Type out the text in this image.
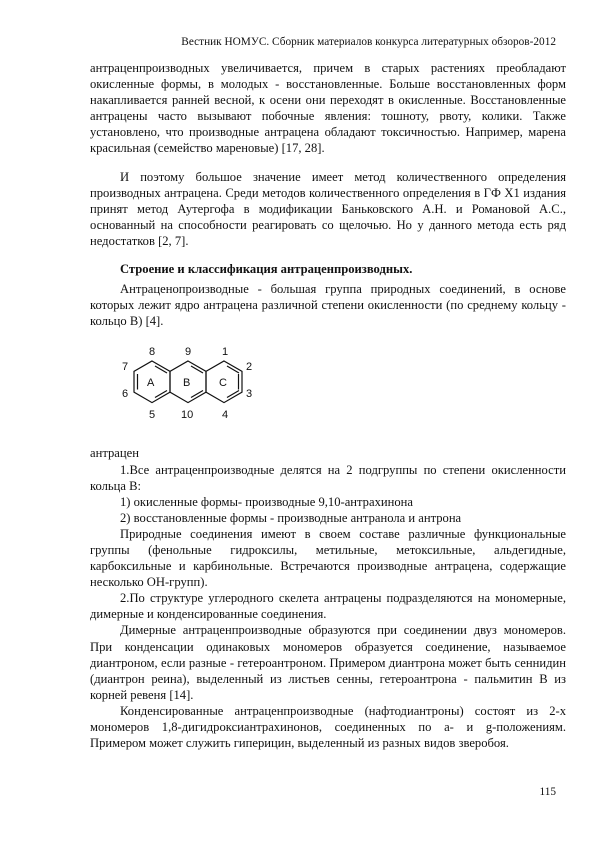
Вестник НОМУС. Сборник материалов конкурса литературных обзоров-2012

антраценпроизводных увеличивается, причем в старых растениях преобладают окисленные формы, в молодых - восстановленные. Больше восстановленных форм накапливается ранней весной, к осени они переходят в окисленные. Восстановленные антрацены часто вызывают побочные явления: тошноту, рвоту, колики. Также установлено, что производные антрацена обладают токсичностью. Например, марена красильная (семейство мареновые) [17, 28].

И поэтому большое значение имеет метод количественного определения производных антрацена. Среди методов количественного определения в ГФ Х1 издания принят метод Аутергофа в модификации Баньковского А.Н. и Романовой А.С., основанный на способности реагировать со щелочью. Но у данного метода есть ряд недостатков [2, 7].

Строение и классификация антраценпроизводных.

Антраценопроизводные - большая группа природных соединений, в основе которых лежит ядро антрацена различной степени окисленности (по среднему кольцу - кольцо В) [4].

A	B	C
1
2
3
4
5
6
7
8	9
10

антрацен

1.Все антраценпроизводные делятся на 2 подгруппы по степени окисленности кольца В:

1) окисленные формы- производные 9,10-антрахинона

2) восстановленные формы - производные антранола и антрона

Природные соединения имеют в своем составе различные функциональные группы (фенольные гидроксилы, метильные, метоксильные, альдегидные, карбоксильные и карбинольные. Встречаются производные антрацена, содержащие несколько ОН-групп).

2.По структуре углеродного скелета антрацены подразделяются на мономерные, димерные и конденсированные соединения.

Димерные антраценпроизводные образуются при соединении двуз мономеров. При конденсации одинаковых мономеров образуется соединение, называемое диантроном, если разные - гетероантроном. Примером диантрона может быть сеннидин (диантрон реина), выделенный из листьев сенны, гетероантрона - пальмитин В из корней ревеня [14].

Конденсированные антраценпроизводные (нафтодиантроны) состоят из 2-х мономеров 1,8-дигидроксиантрахинонов, соединенных по а- и g-положениям. Примером может служить гиперицин, выделенный из разных видов зверобоя.

115
